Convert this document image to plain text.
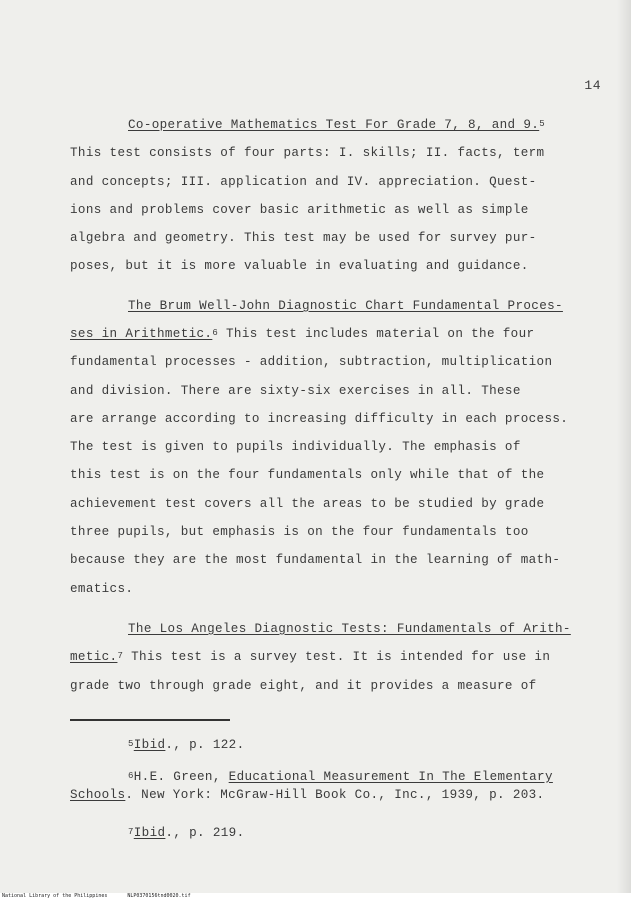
14
Co-operative Mathematics Test For Grade 7, 8, and 9.$^5$
This test consists of four parts: I. skills; II. facts, term
and concepts; III. application and IV. appreciation. Quest-
ions and problems cover basic arithmetic as well as simple
algebra and geometry. This test may be used for survey pur-
poses, but it is more valuable in evaluating and guidance.
The Brum Well-John Diagnostic Chart Fundamental Proces-
ses in Arithmetic.$^6$ This test includes material on the four
fundamental processes - addition, subtraction, multiplication
and division. There are sixty-six exercises in all. These
are arrange according to increasing difficulty in each process.
The test is given to pupils individually. The emphasis of
this test is on the four fundamentals only while that of the
achievement test covers all the areas to be studied by grade
three pupils, but emphasis is on the four fundamentals too
because they are the most fundamental in the learning of math-
ematics.
The Los Angeles Diagnostic Tests: Fundamentals of Arith-
metic.$^7$ This test is a survey test. It is intended for use in
grade two through grade eight, and it provides a measure of
$^5$Ibid., p. 122.
$^6$H.E. Green, Educational Measurement In The Elementary
Schools. New York: McGraw-Hill Book Co., Inc., 1939, p. 203.
$^7$Ibid., p. 219.
National Library of the Philippines	NLP0370156tnd0020.tif
